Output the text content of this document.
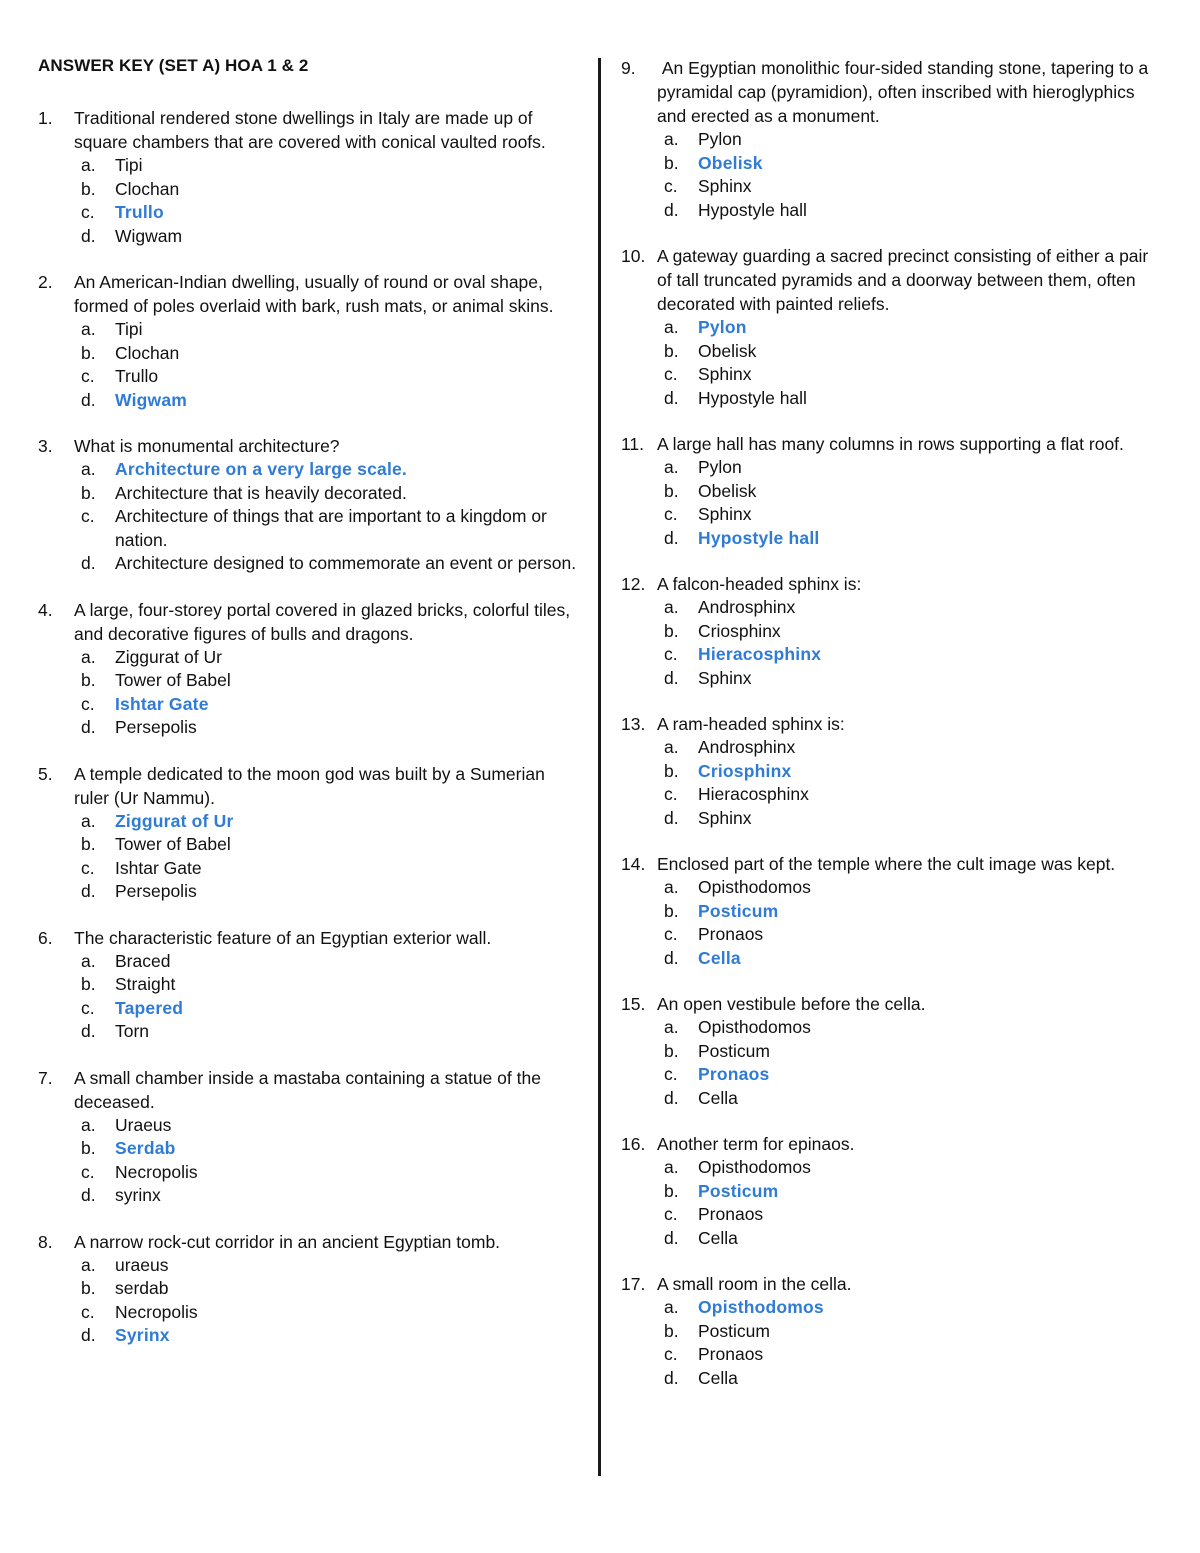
ANSWER KEY (SET A) HOA 1 & 2
1. Traditional rendered stone dwellings in Italy are made up of square chambers that are covered with conical vaulted roofs.
a. Tipi
b. Clochan
c. Trullo
d. Wigwam
2. An American-Indian dwelling, usually of round or oval shape, formed of poles overlaid with bark, rush mats, or animal skins.
a. Tipi
b. Clochan
c. Trullo
d. Wigwam
3. What is monumental architecture?
a. Architecture on a very large scale.
b. Architecture that is heavily decorated.
c. Architecture of things that are important to a kingdom or nation.
d. Architecture designed to commemorate an event or person.
4. A large, four-storey portal covered in glazed bricks, colorful tiles, and decorative figures of bulls and dragons.
a. Ziggurat of Ur
b. Tower of Babel
c. Ishtar Gate
d. Persepolis
5. A temple dedicated to the moon god was built by a Sumerian ruler (Ur Nammu).
a. Ziggurat of Ur
b. Tower of Babel
c. Ishtar Gate
d. Persepolis
6. The characteristic feature of an Egyptian exterior wall.
a. Braced
b. Straight
c. Tapered
d. Torn
7. A small chamber inside a mastaba containing a statue of the deceased.
a. Uraeus
b. Serdab
c. Necropolis
d. syrinx
8. A narrow rock-cut corridor in an ancient Egyptian tomb.
a. uraeus
b. serdab
c. Necropolis
d. Syrinx
9. An Egyptian monolithic four-sided standing stone, tapering to a pyramidal cap (pyramidion), often inscribed with hieroglyphics and erected as a monument.
a. Pylon
b. Obelisk
c. Sphinx
d. Hypostyle hall
10. A gateway guarding a sacred precinct consisting of either a pair of tall truncated pyramids and a doorway between them, often decorated with painted reliefs.
a. Pylon
b. Obelisk
c. Sphinx
d. Hypostyle hall
11. A large hall has many columns in rows supporting a flat roof.
a. Pylon
b. Obelisk
c. Sphinx
d. Hypostyle hall
12. A falcon-headed sphinx is:
a. Androsphinx
b. Criosphinx
c. Hieracosphinx
d. Sphinx
13. A ram-headed sphinx is:
a. Androsphinx
b. Criosphinx
c. Hieracosphinx
d. Sphinx
14. Enclosed part of the temple where the cult image was kept.
a. Opisthodomos
b. Posticum
c. Pronaos
d. Cella
15. An open vestibule before the cella.
a. Opisthodomos
b. Posticum
c. Pronaos
d. Cella
16. Another term for epinaos.
a. Opisthodomos
b. Posticum
c. Pronaos
d. Cella
17. A small room in the cella.
a. Opisthodomos
b. Posticum
c. Pronaos
d. Cella
